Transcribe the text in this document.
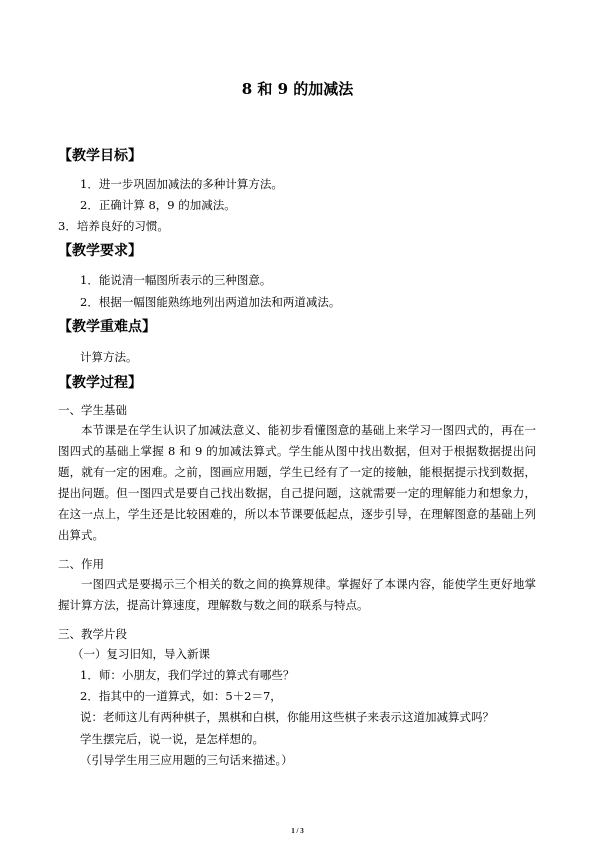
8 和 9 的加减法
【教学目标】
1．进一步巩固加减法的多种计算方法。
2．正确计算 8，9 的加减法。
3．培养良好的习惯。
【教学要求】
1．能说清一幅图所表示的三种图意。
2．根据一幅图能熟练地列出两道加法和两道减法。
【教学重难点】
计算方法。
【教学过程】
一、学生基础
本节课是在学生认识了加减法意义、能初步看懂图意的基础上来学习一图四式的，再在一图四式的基础上掌握 8 和 9 的加减法算式。学生能从图中找出数据，但对于根据数据提出问题，就有一定的困难。之前，图画应用题，学生已经有了一定的接触，能根据提示找到数据，提出问题。但一图四式是要自己找出数据，自己提问题，这就需要一定的理解能力和想象力，在这一点上，学生还是比较困难的，所以本节课要低起点，逐步引导，在理解图意的基础上列出算式。
二、作用
一图四式是要揭示三个相关的数之间的换算规律。掌握好了本课内容，能使学生更好地掌握计算方法，提高计算速度，理解数与数之间的联系与特点。
三、教学片段
（一）复习旧知，导入新课
1．师：小朋友，我们学过的算式有哪些？
2．指其中的一道算式，如：5＋2＝7，
说：老师这儿有两种棋子，黑棋和白棋，你能用这些棋子来表示这道加减算式吗？
学生摆完后，说一说，是怎样想的。
（引导学生用三应用题的三句话来描述。）
1 / 3
